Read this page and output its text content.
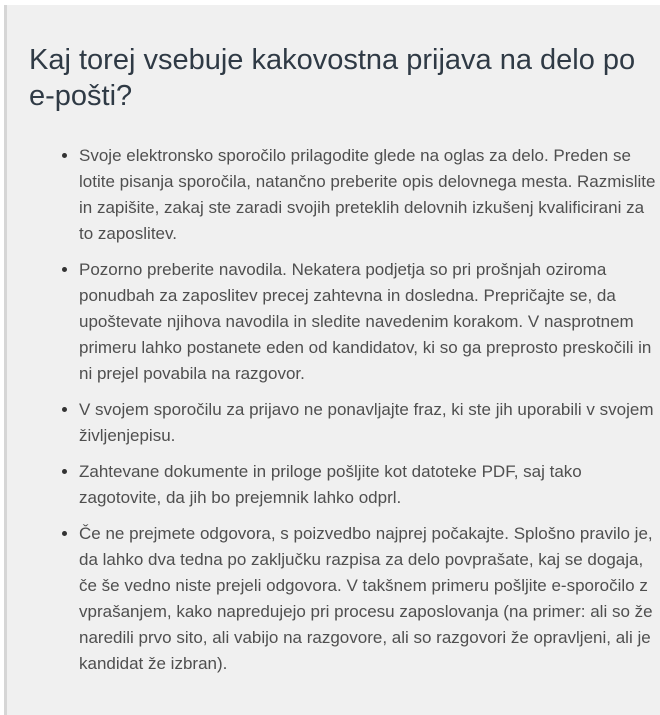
Kaj torej vsebuje kakovostna prijava na delo po e-pošti?
• Svoje elektronsko sporočilo prilagodite glede na oglas za delo. Preden se lotite pisanja sporočila, natančno preberite opis delovnega mesta. Razmislite in zapišite, zakaj ste zaradi svojih preteklih delovnih izkušenj kvalificirani za to zaposlitev.
• Pozorno preberite navodila. Nekatera podjetja so pri prošnjah oziroma ponudbah za zaposlitev precej zahtevna in dosledna. Prepričajte se, da upoštevate njihova navodila in sledite navedenim korakom. V nasprotnem primeru lahko postanete eden od kandidatov, ki so ga preprosto preskočili in ni prejel povabila na razgovor.
• V svojem sporočilu za prijavo ne ponavljajte fraz, ki ste jih uporabili v svojem življenjepisu.
• Zahtevane dokumente in priloge pošljite kot datoteke PDF, saj tako zagotovite, da jih bo prejemnik lahko odprl.
• Če ne prejmete odgovora, s poizvedbo najprej počakajte. Splošno pravilo je, da lahko dva tedna po zaključku razpisa za delo povprašate, kaj se dogaja, če še vedno niste prejeli odgovora. V takšnem primeru pošljite e-sporočilo z vprašanjem, kako napredujejo pri procesu zaposlovanja (na primer: ali so že naredili prvo sito, ali vabijo na razgovore, ali so razgovori že opravljeni, ali je kandidat že izbran).
